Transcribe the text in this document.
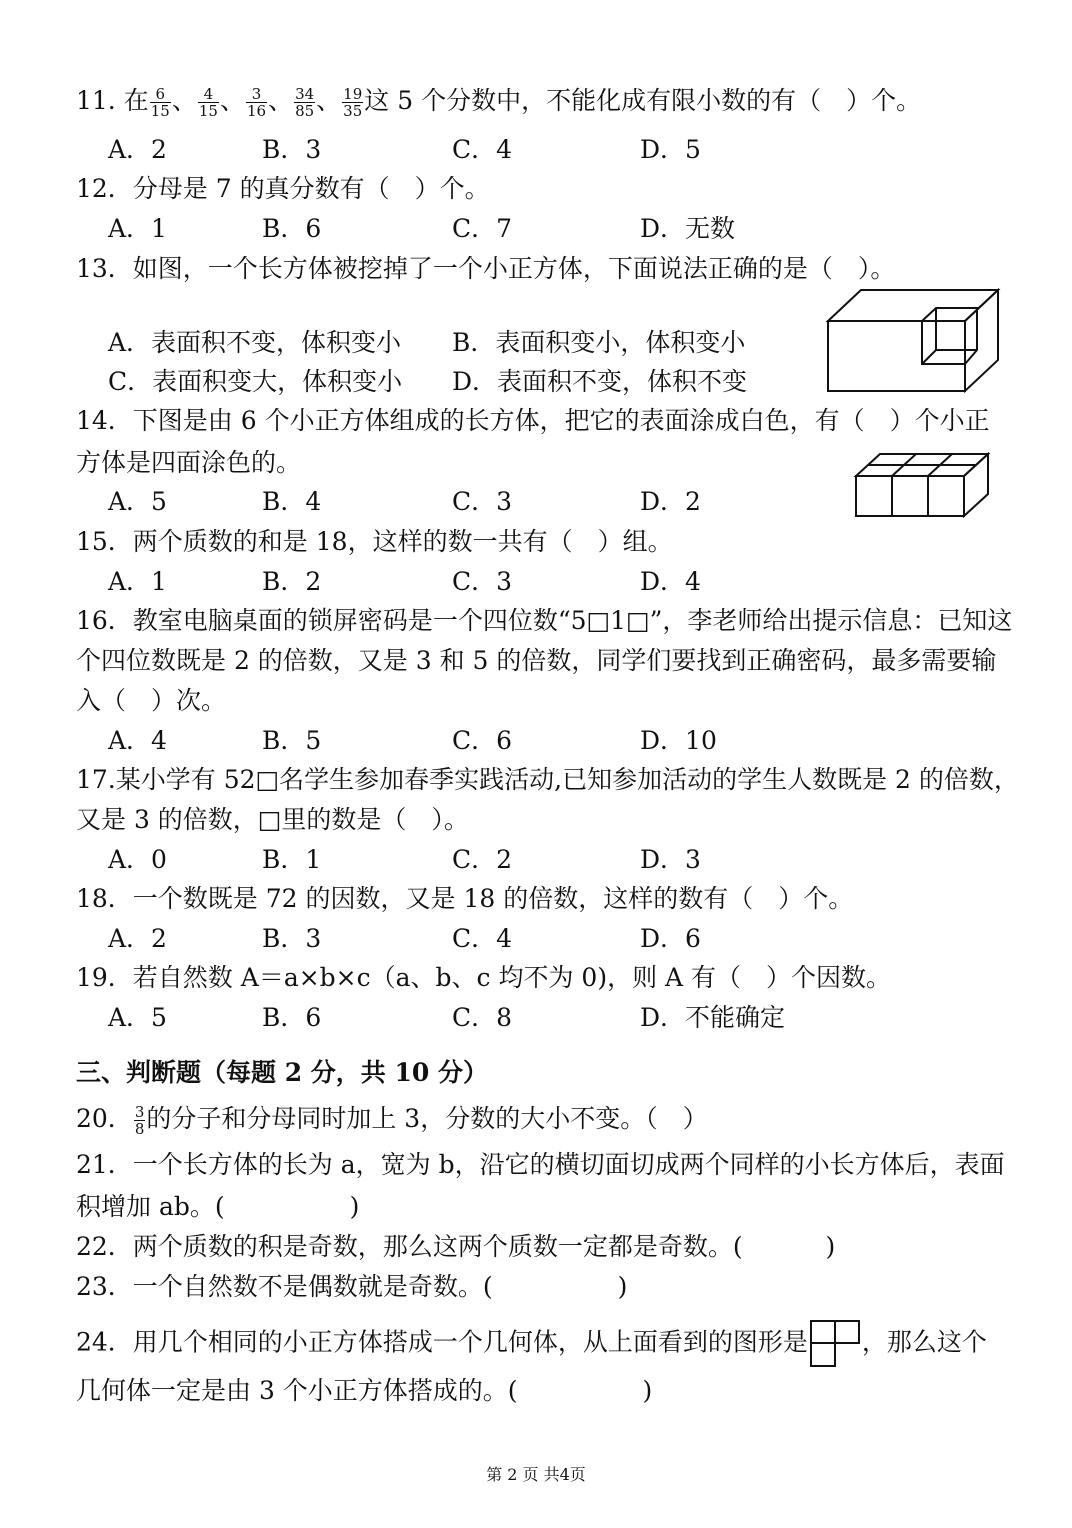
11. 在 $\frac{6}{15}$ 、 $\frac{4}{15}$ 、 $\frac{3}{16}$ 、 $\frac{34}{85}$ 、 $\frac{19}{35}$ 这 5 个分数中，不能化成有限小数的有（　）个。
A．2	B．3	C．4	D．5
12．分母是 7 的真分数有（　）个。
A．1	B．6	C．7	D．无数
13．如图，一个长方体被挖掉了一个小正方体，下面说法正确的是（　）。
A．表面积不变，体积变小 B．表面积变小，体积变小
C．表面积变大，体积变小 D．表面积不变，体积不变
14．下图是由 6 个小正方体组成的长方体，把它的表面涂成白色，有（　）个小正
方体是四面涂色的。
A．5	B．4	C．3	D．2
15．两个质数的和是 18，这样的数一共有（　）组。
A．1	B．2	C．3	D．4
16．教室电脑桌面的锁屏密码是一个四位数“5□1□”，李老师给出提示信息：已知这
个四位数既是 2 的倍数，又是 3 和 5 的倍数，同学们要找到正确密码，最多需要输
入（　）次。
A．4	B．5	C．6	D．10
17.某小学有 52□名学生参加春季实践活动,已知参加活动的学生人数既是 2 的倍数，
又是 3 的倍数，□里的数是（　）。
A．0	B．1	C．2	D．3
18．一个数既是 72 的因数，又是 18 的倍数，这样的数有（　）个。
A．2	B．3	C．4	D．6
19．若自然数 A＝a×b×c（a、b、c 均不为 0)，则 A 有（　）个因数。
A．5	B．6	C．8	D．不能确定
三、判断题（每题 2 分，共 10 分）
20． $\frac{3}{8}$ 的分子和分母同时加上 3，分数的大小不变。（　）
21．一个长方体的长为 a，宽为 b，沿它的横切面切成两个同样的小长方体后，表面
积增加 ab。(　　　　　)
22．两个质数的积是奇数，那么这两个质数一定都是奇数。(　　　 )
23．一个自然数不是偶数就是奇数。(　　　　　)
24．用几个相同的小正方体搭成一个几何体，从上面看到的图形是 ，那么这个
几何体一定是由 3 个小正方体搭成的。(　　　　　)
第 2 页 共4页
